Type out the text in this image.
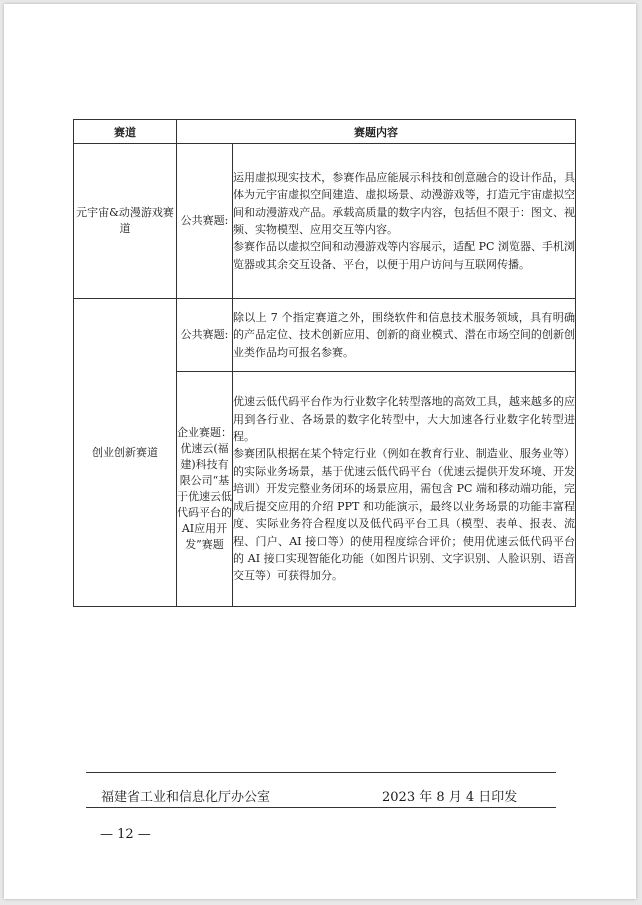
赛道	赛题内容	
元宇宙&动漫游戏赛道	公共赛题:	运用虚拟现实技术，参赛作品应能展示科技和创意融合的设计作品，具体为元宇宙虚拟空间建造、虚拟场景、动漫游戏等，打造元宇宙虚拟空间和动漫游戏产品。承载高质量的数字内容，包括但不限于：图文、视频、实物模型、应用交互等内容。

参赛作品以虚拟空间和动漫游戏等内容展示，适配 PC 浏览器、手机浏览器或其余交互设备、平台，以便于用户访问与互联网传播。

创业创新赛道	公共赛题:	除以上 7 个指定赛道之外，围绕软件和信息技术服务领域，具有明确的产品定位、技术创新应用、创新的商业模式、潜在市场空间的创新创业类作品均可报名参赛。

	企业赛题：优速云(福建)科技有限公司“基于优速云低代码平台的AI应用开发”赛题	优速云低代码平台作为行业数字化转型落地的高效工具，越来越多的应用到各行业、各场景的数字化转型中，大大加速各行业数字化转型进程。

参赛团队根据在某个特定行业（例如在教育行业、制造业、服务业等）的实际业务场景，基于优速云低代码平台（优速云提供开发环境、开发培训）开发完整业务闭环的场景应用，需包含 PC 端和移动端功能，完成后提交应用的介绍 PPT 和功能演示，最终以业务场景的功能丰富程度、实际业务符合程度以及低代码平台工具（模型、表单、报表、流程、门户、AI 接口等）的使用程度综合评价；使用优速云低代码平台的 AI 接口实现智能化功能（如图片识别、文字识别、人脸识别、语音交互等）可获得加分。

福建省工业和信息化厅办公室	2023 年 8 月 4 日印发
— 12 —
